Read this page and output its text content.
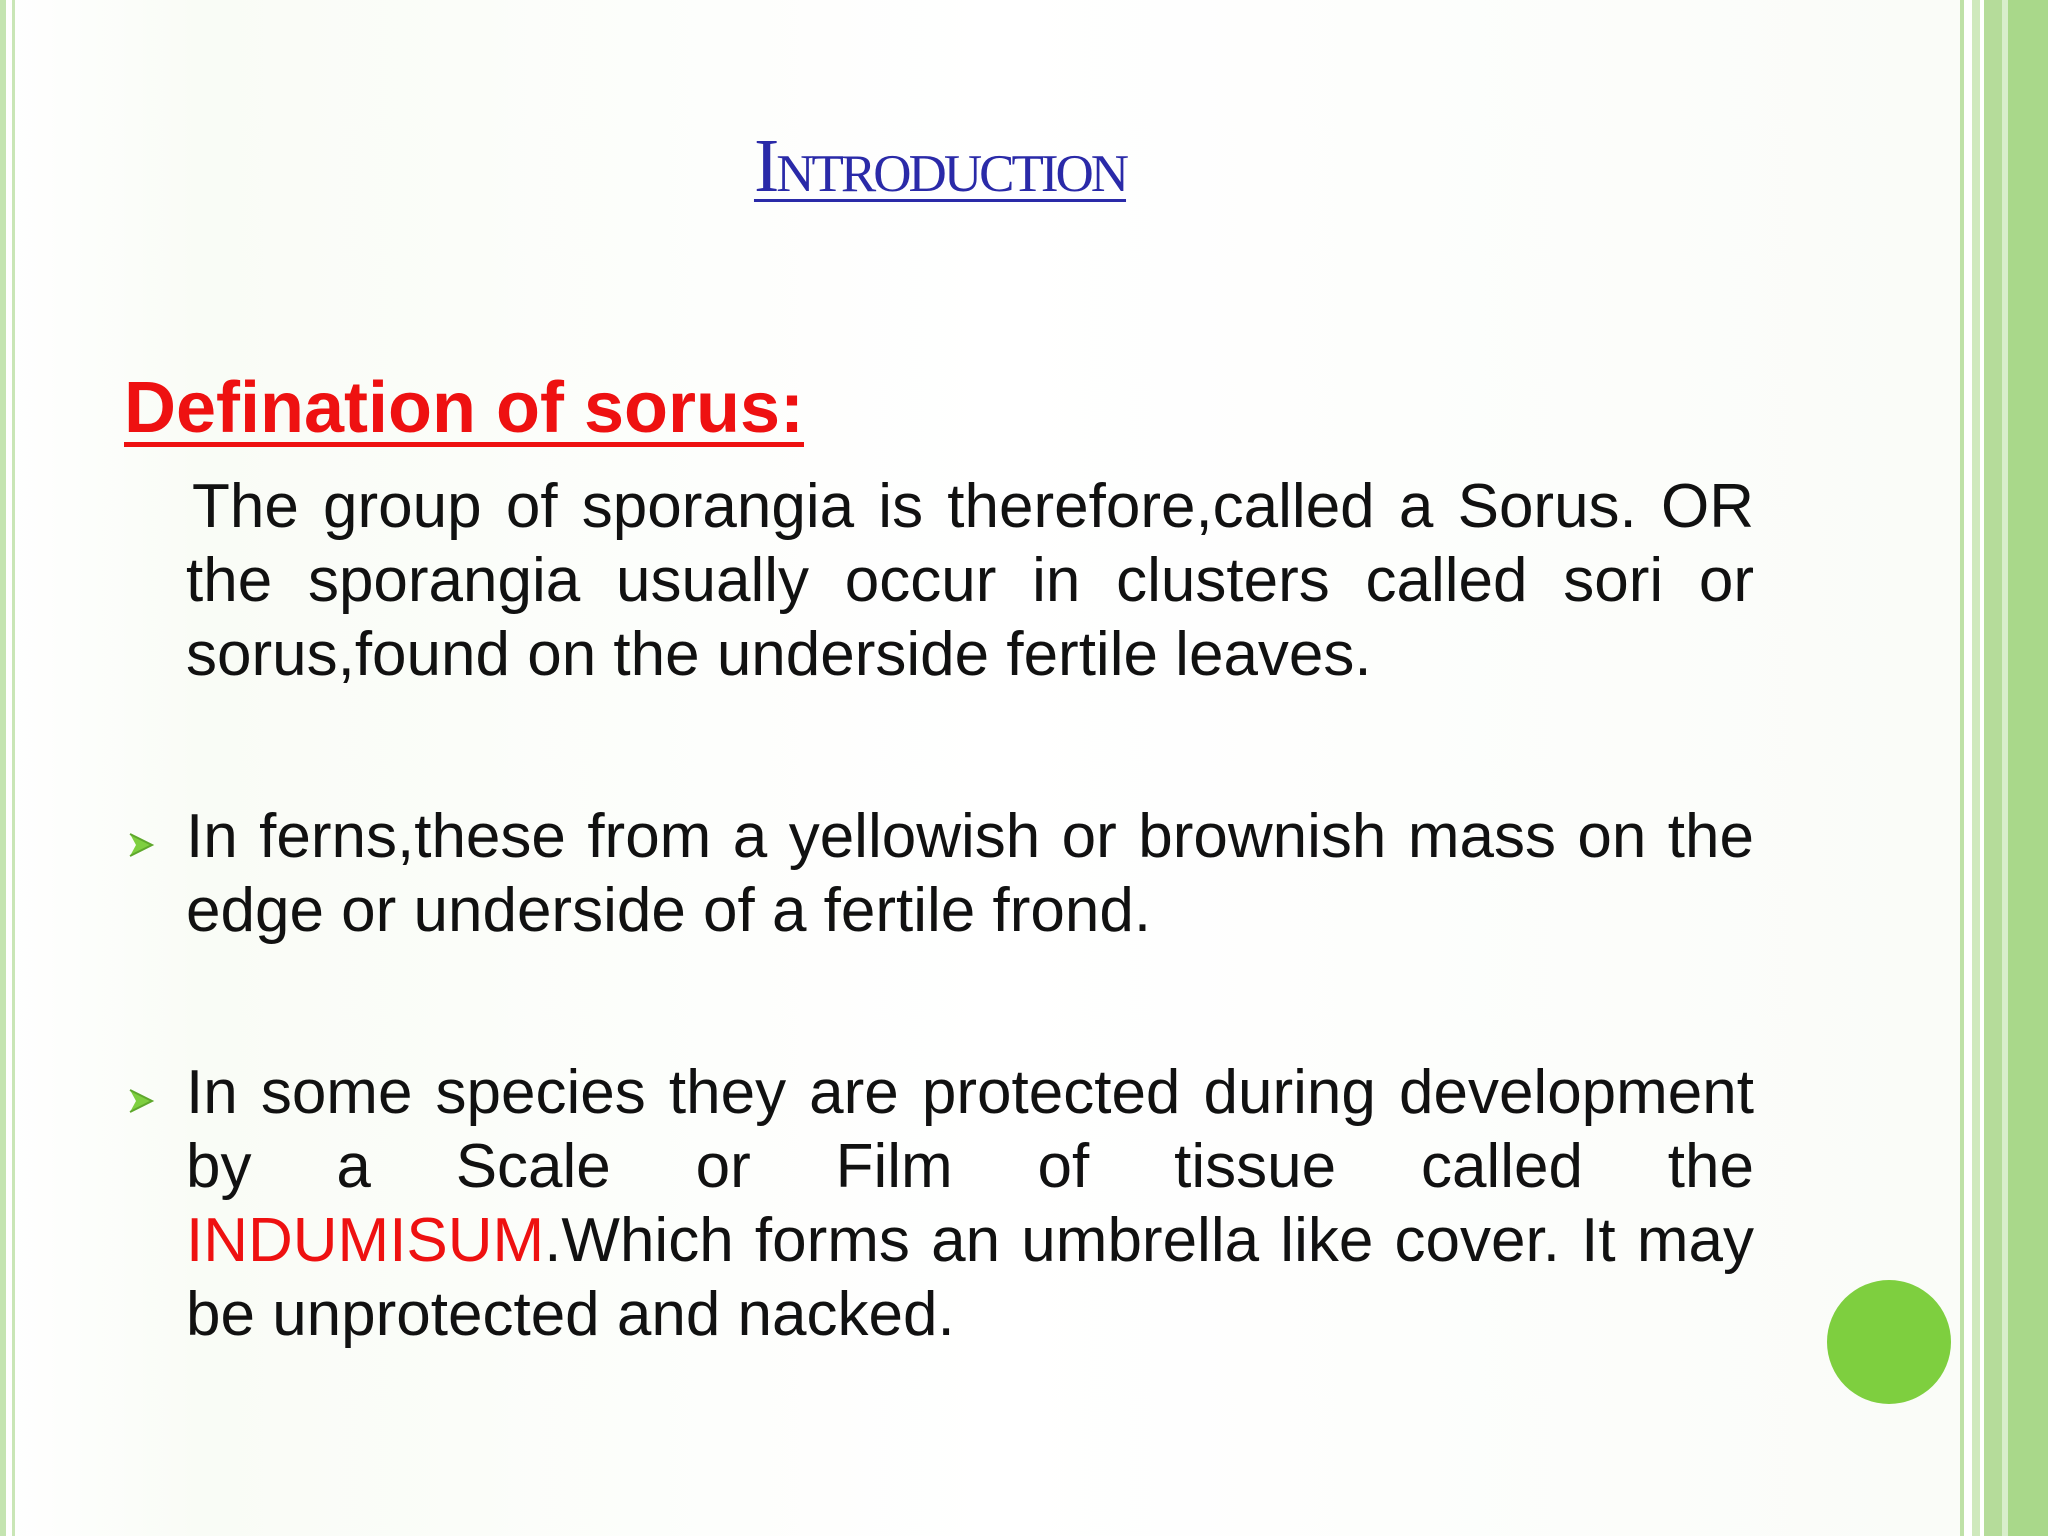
Introduction
Defination of sorus:
The group of sporangia is therefore,called a Sorus. OR the sporangia usually occur in clusters called sori or sorus,found on the underside fertile leaves.
In ferns,these from a yellowish or brownish mass on the edge or underside of a fertile frond.
In some species they are protected during development by a Scale or Film of tissue called the INDUMISUM.Which forms an umbrella like cover. It may be unprotected and nacked.
